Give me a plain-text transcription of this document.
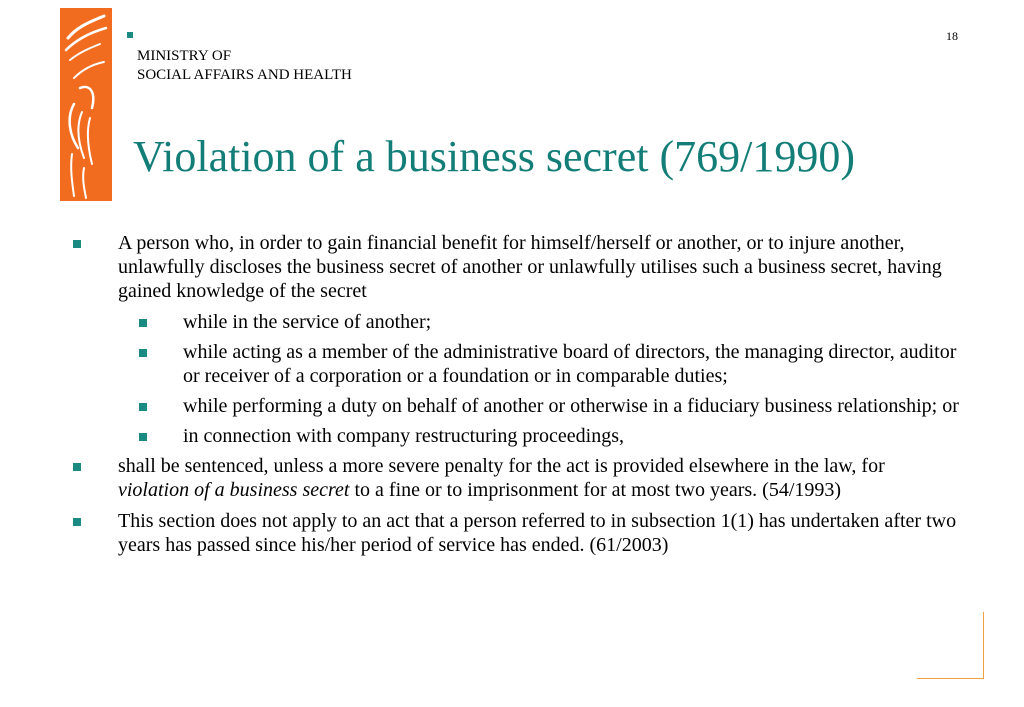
18
MINISTRY OF
SOCIAL AFFAIRS AND HEALTH
Violation of a business secret (769/1990)
A person who, in order to gain financial benefit for himself/herself or another, or to injure another, unlawfully discloses the business secret of another or unlawfully utilises such a business secret, having gained knowledge of the secret
while in the service of another;
while acting as a member of the administrative board of directors, the managing director, auditor or receiver of a corporation or a foundation or in comparable duties;
while performing a duty on behalf of another or otherwise in a fiduciary business relationship; or
in connection with company restructuring proceedings,
shall be sentenced, unless a more severe penalty for the act is provided elsewhere in the law, for violation of a business secret to a fine or to imprisonment for at most two years. (54/1993)
This section does not apply to an act that a person referred to in subsection 1(1) has undertaken after two years has passed since his/her period of service has ended. (61/2003)
